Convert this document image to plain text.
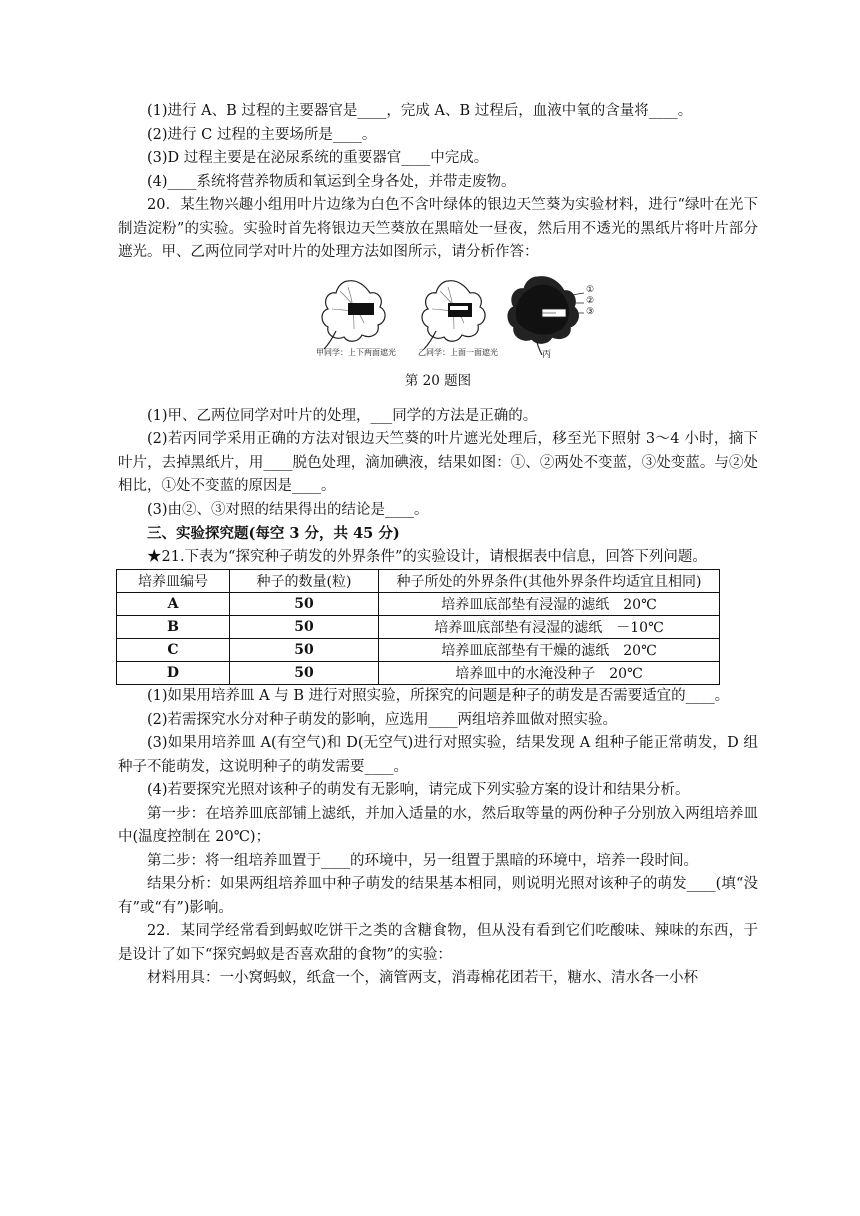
(1)进行 A、B 过程的主要器官是____，完成 A、B 过程后，血液中氧的含量将____。

(2)进行 C 过程的主要场所是____。

(3)D 过程主要是在泌尿系统的重要器官____中完成。

(4)____系统将营养物质和氧运到全身各处，并带走废物。

20．某生物兴趣小组用叶片边缘为白色不含叶绿体的银边天竺葵为实验材料，进行“绿叶在光下制造淀粉”的实验。实验时首先将银边天竺葵放在黑暗处一昼夜，然后用不透光的黑纸片将叶片部分遮光。甲、乙两位同学对叶片的处理方法如图所示，请分析作答：

甲同学：上下两面遮光	乙同学：上面一面遮光	丙
①
②
③
第 20 题图

(1)甲、乙两位同学对叶片的处理，___同学的方法是正确的。

(2)若丙同学采用正确的方法对银边天竺葵的叶片遮光处理后，移至光下照射 3～4 小时，摘下叶片，去掉黑纸片，用____脱色处理，滴加碘液，结果如图：①、②两处不变蓝，③处变蓝。与②处相比，①处不变蓝的原因是____。

(3)由②、③对照的结果得出的结论是____。

三、实验探究题(每空 3 分，共 45 分)

★21.下表为“探究种子萌发的外界条件”的实验设计，请根据表中信息，回答下列问题。

培养皿编号	种子的数量(粒)	种子所处的外界条件(其他外界条件均适宜且相同)
A	50	培养皿底部垫有浸湿的滤纸　20℃
B	50	培养皿底部垫有浸湿的滤纸　－10℃
C	50	培养皿底部垫有干燥的滤纸　20℃
D	50	培养皿中的水淹没种子　20℃

(1)如果用培养皿 A 与 B 进行对照实验，所探究的问题是种子的萌发是否需要适宜的____。

(2)若需探究水分对种子萌发的影响，应选用____两组培养皿做对照实验。

(3)如果用培养皿 A(有空气)和 D(无空气)进行对照实验，结果发现 A 组种子能正常萌发，D 组种子不能萌发，这说明种子的萌发需要____。

(4)若要探究光照对该种子的萌发有无影响，请完成下列实验方案的设计和结果分析。

第一步：在培养皿底部铺上滤纸，并加入适量的水，然后取等量的两份种子分别放入两组培养皿中(温度控制在 20℃)；

第二步：将一组培养皿置于____的环境中，另一组置于黑暗的环境中，培养一段时间。

结果分析：如果两组培养皿中种子萌发的结果基本相同，则说明光照对该种子的萌发____(填“没有”或“有”)影响。

22．某同学经常看到蚂蚁吃饼干之类的含糖食物，但从没有看到它们吃酸味、辣味的东西，于是设计了如下“探究蚂蚁是否喜欢甜的食物”的实验：

材料用具：一小窝蚂蚁，纸盒一个，滴管两支，消毒棉花团若干，糖水、清水各一小杯
